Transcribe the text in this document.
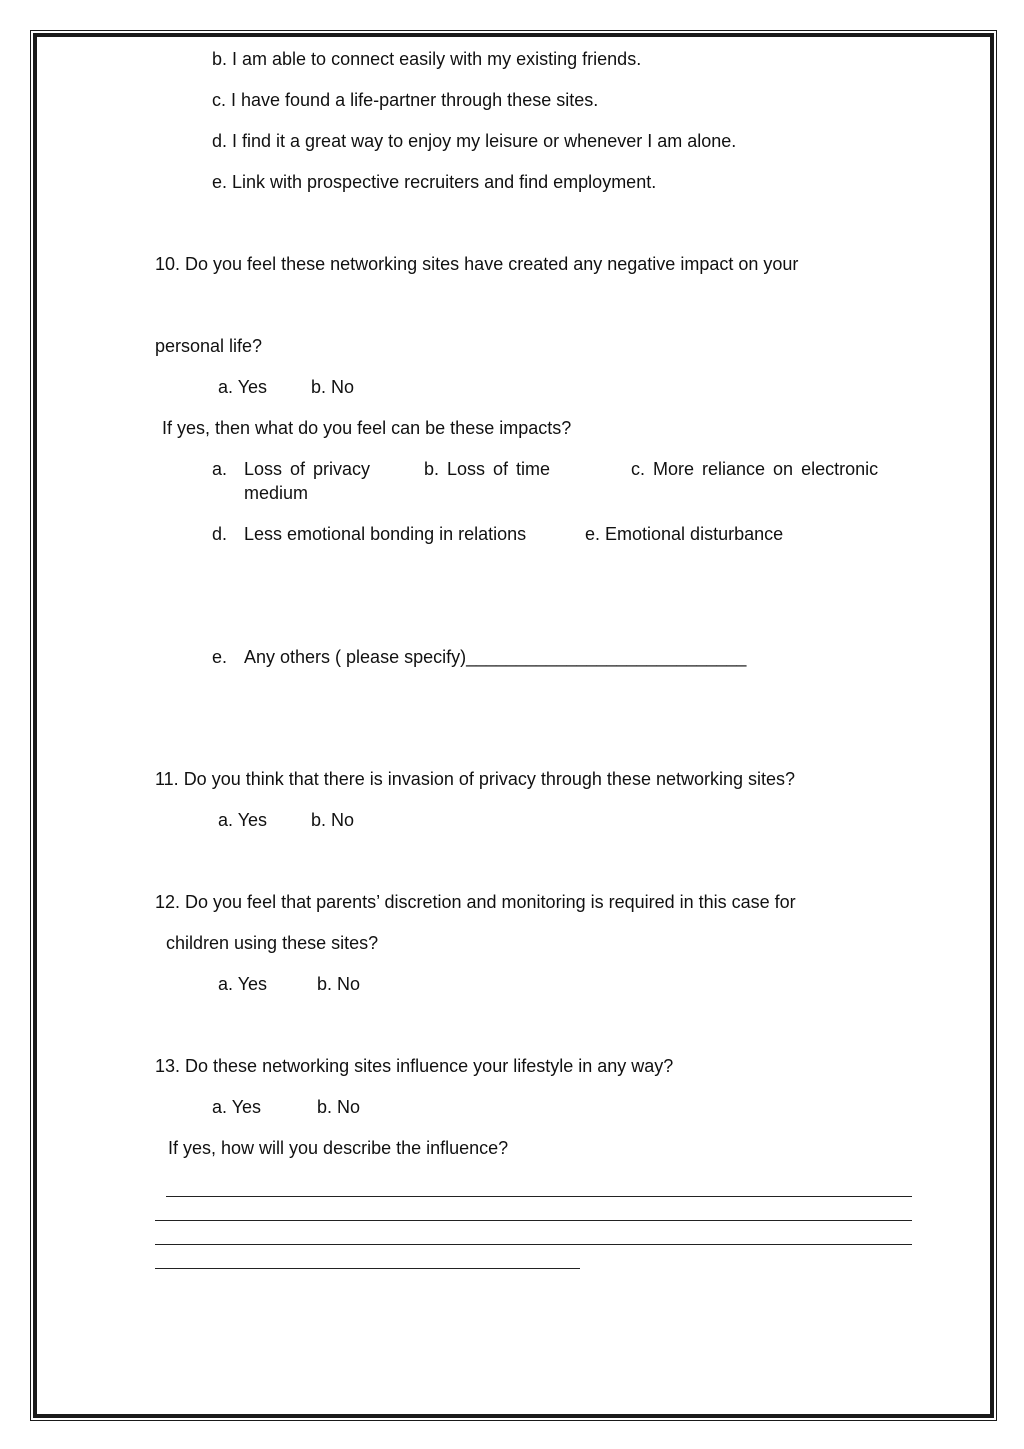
b. I am able to connect easily with my existing friends.
c. I have found a life-partner through these sites.
d. I find it a great way to enjoy my leisure or whenever I am alone.
e. Link with prospective recruiters and find employment.
10. Do you feel these networking sites have created any negative impact on your
personal life?
a. Yes b. No
If yes, then what do you feel can be these impacts?
a. Loss of privacy	b. Loss of time	c. More reliance on electronic
medium
d. Less emotional bonding in relations	e. Emotional disturbance
e. Any others ( please specify)____________________________
11. Do you think that there is invasion of privacy through these networking sites?
a. Yes b. No
12. Do you feel that parents’ discretion and monitoring is required in this case for
children using these sites?
a. Yes	b. No
13. Do these networking sites influence your lifestyle in any way?
a. Yes	b. No
If yes, how will you describe the influence?
